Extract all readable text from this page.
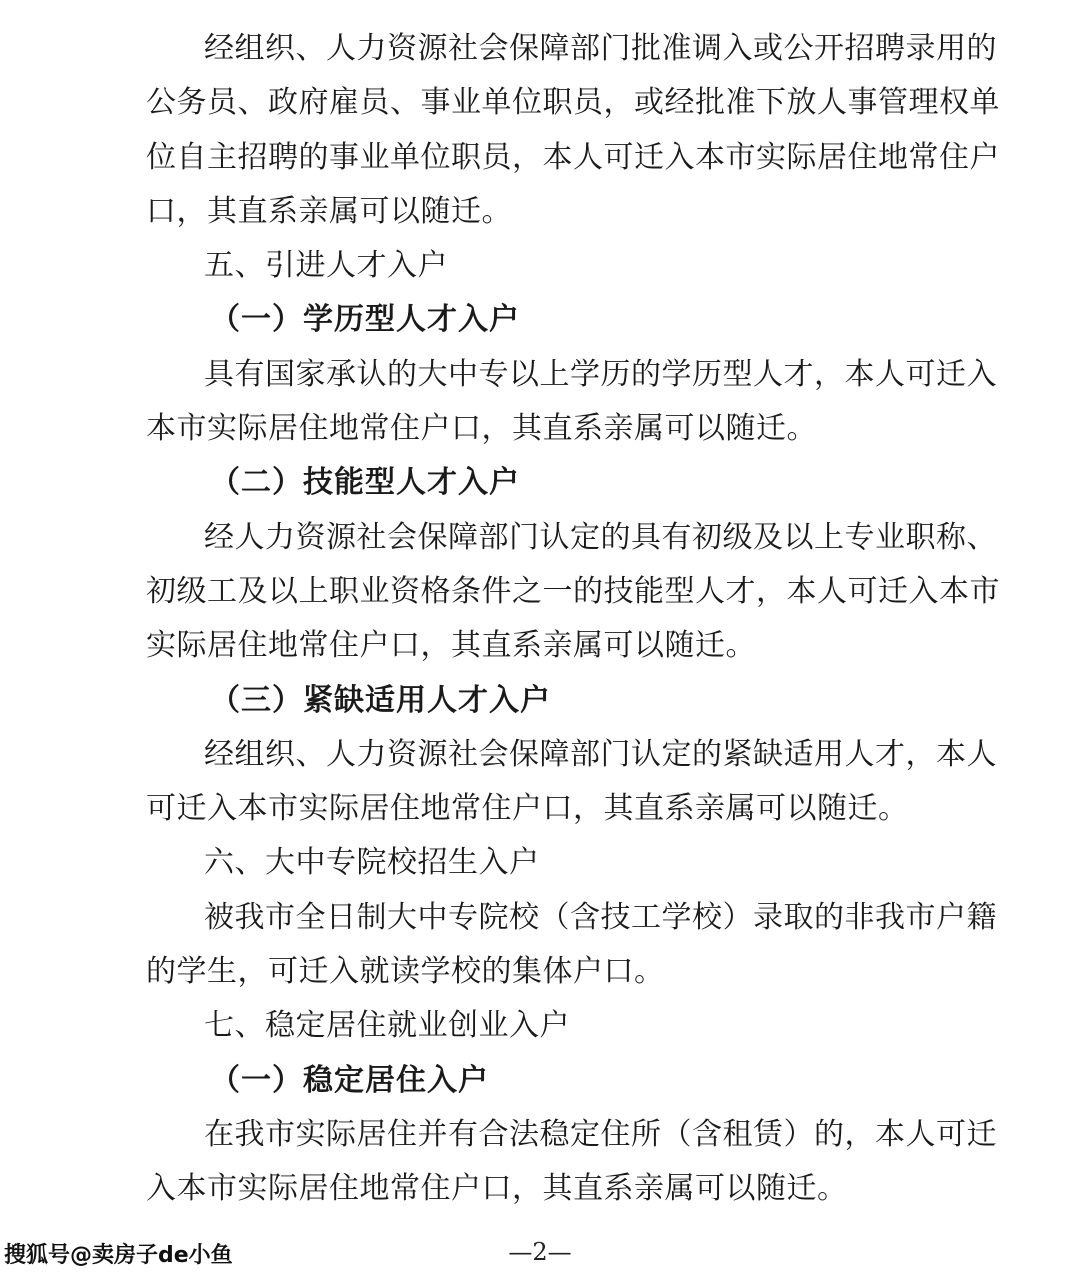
经组织、人力资源社会保障部门批准调入或公开招聘录用的
公务员、政府雇员、事业单位职员，或经批准下放人事管理权单
位自主招聘的事业单位职员，本人可迁入本市实际居住地常住户
口，其直系亲属可以随迁。
五、引进人才入户
（一）学历型人才入户
具有国家承认的大中专以上学历的学历型人才，本人可迁入
本市实际居住地常住户口，其直系亲属可以随迁。
（二）技能型人才入户
经人力资源社会保障部门认定的具有初级及以上专业职称、
初级工及以上职业资格条件之一的技能型人才，本人可迁入本市
实际居住地常住户口，其直系亲属可以随迁。
（三）紧缺适用人才入户
经组织、人力资源社会保障部门认定的紧缺适用人才，本人
可迁入本市实际居住地常住户口，其直系亲属可以随迁。
六、大中专院校招生入户
被我市全日制大中专院校（含技工学校）录取的非我市户籍
的学生，可迁入就读学校的集体户口。
七、稳定居住就业创业入户
（一）稳定居住入户
在我市实际居住并有合法稳定住所（含租赁）的，本人可迁
入本市实际居住地常住户口，其直系亲属可以随迁。
搜狐号@卖房子de小鱼	—2—
